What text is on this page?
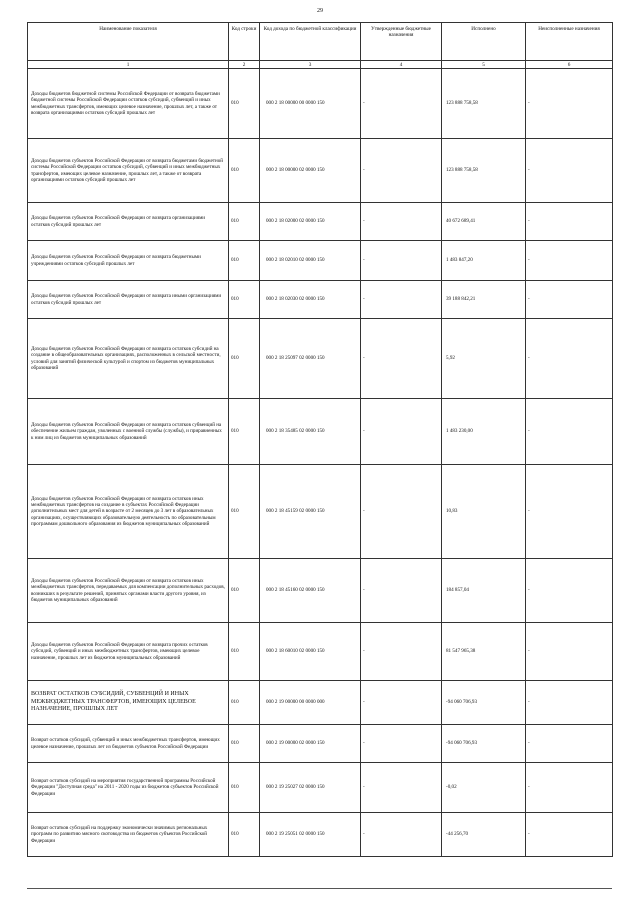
29
Наименование показателя	Код строки	Код дохода по бюджетной классификации	Утвержденные бюджетные назначения	Исполнено	Неисполненные назначения
1	2	3	4	5	6
Доходы бюджетов бюджетной системы Российской Федерации от возврата бюджетами бюджетной системы Российской Федерации остатков субсидий, субвенций и иных межбюджетных трансфертов, имеющих целевое назначение, прошлых лет, а также от возврата организациями остатков субсидий прошлых лет	010	000 2 18 00000 00 0000 150	-	123 888 758,58	-
Доходы бюджетов субъектов Российской Федерации от возврата бюджетами бюджетной системы Российской Федерации остатков субсидий, субвенций и иных межбюджетных трансфертов, имеющих целевое назначение, прошлых лет, а также от возврата организациями остатков субсидий прошлых лет	010	000 2 18 00000 02 0000 150	-	123 888 758,58	-
Доходы бюджетов субъектов Российской Федерации от возврата организациями остатков субсидий прошлых лет	010	000 2 18 02000 02 0000 150	-	40 672 689,41	-
Доходы бюджетов субъектов Российской Федерации от возврата бюджетными учреждениями остатков субсидий прошлых лет	010	000 2 18 02010 02 0000 150	-	1 483 847,20	-
Доходы бюджетов субъектов Российской Федерации от возврата иными организациями остатков субсидий прошлых лет	010	000 2 18 02030 02 0000 150	-	39 188 842,21	-
Доходы бюджетов субъектов Российской Федерации от возврата остатков субсидий на создание в общеобразовательных организациях, расположенных в сельской местности, условий для занятий физической культурой и спортом из бюджетов муниципальных образований	010	000 2 18 25097 02 0000 150	-	5,92	-
Доходы бюджетов субъектов Российской Федерации от возврата остатков субвенций на обеспечение жильем граждан, уволенных с военной службы (службы), и приравненных к ним лиц из бюджетов муниципальных образований	010	000 2 18 35485 02 0000 150	-	1 483 230,00	-
Доходы бюджетов субъектов Российской Федерации от возврата остатков иных межбюджетных трансфертов на создание в субъектах Российской Федерации дополнительных мест для детей в возрасте от 2 месяцев до 3 лет в образовательных организациях, осуществляющих образовательную деятельность по образовательным программам дошкольного образования из бюджетов муниципальных образований	010	000 2 18 45159 02 0000 150	-	10,83	-
Доходы бюджетов субъектов Российской Федерации от возврата остатков иных межбюджетных трансфертов, передаваемых для компенсации дополнительных расходов, возникших в результате решений, принятых органами власти другого уровня, из бюджетов муниципальных образований	010	000 2 18 45160 02 0000 150	-	184 857,04	-
Доходы бюджетов субъектов Российской Федерации от возврата прочих остатков субсидий, субвенций и иных межбюджетных трансфертов, имеющих целевое назначение, прошлых лет из бюджетов муниципальных образований	010	000 2 18 60010 02 0000 150	-	81 547 965,38	-
ВОЗВРАТ ОСТАТКОВ СУБСИДИЙ, СУБВЕНЦИЙ И ИНЫХ МЕЖБЮДЖЕТНЫХ ТРАНСФЕРТОВ, ИМЕЮЩИХ ЦЕЛЕВОЕ НАЗНАЧЕНИЕ, ПРОШЛЫХ ЛЕТ	010	000 2 19 00000 00 0000 000	-	-94 060 706,93	-
Возврат остатков субсидий, субвенций и иных межбюджетных трансфертов, имеющих целевое назначение, прошлых лет из бюджетов субъектов Российской Федерации	010	000 2 19 00000 02 0000 150	-	-94 060 706,93	-
Возврат остатков субсидий на мероприятия государственной программы Российской Федерации "Доступная среда" на 2011 - 2020 годы из бюджетов субъектов Российской Федерации	010	000 2 19 25027 02 0000 150	-	-0,02	-
Возврат остатков субсидий на поддержку экономически значимых региональных программ по развитию мясного скотоводства из бюджетов субъектов Российской Федерации	010	000 2 19 25051 02 0000 150	-	-44 256,70	-
